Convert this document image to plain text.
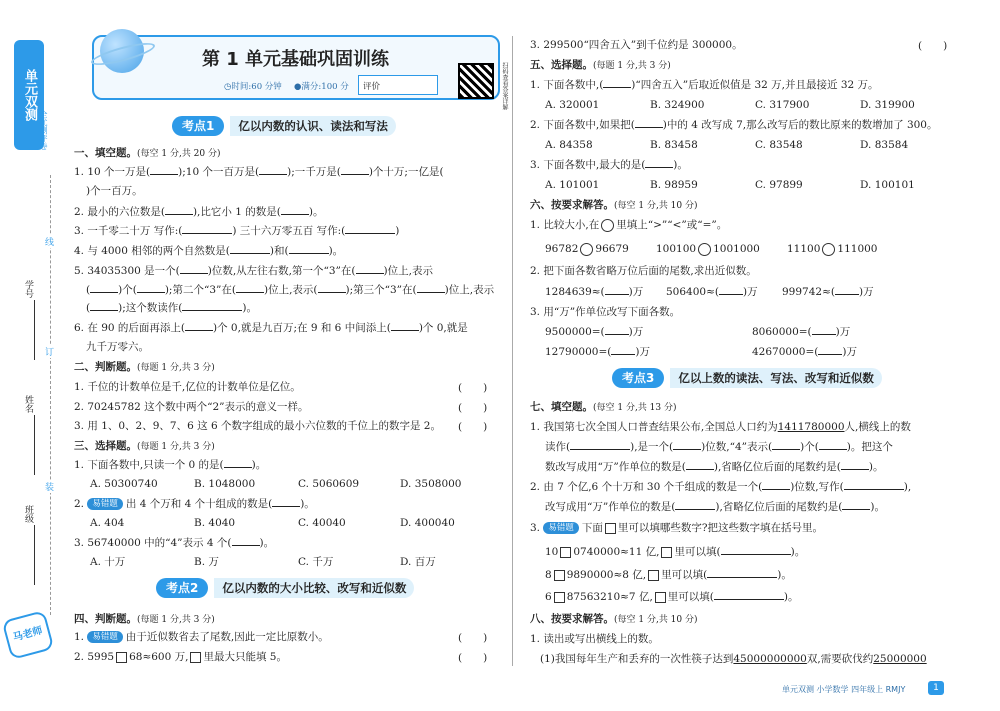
单元双测
全优测评卷
线
订
装
学号
姓名
班级
马老师
第 1 单元基础巩固训练
◷时间:60 分钟 ●满分:100 分	评价	扫码查看答案详解
考点1	亿以内数的认识、读法和写法
一、填空题。(每空 1 分,共 20 分)
1. 10 个一万是(	);10 个一百万是(	);一千万是(	)个十万;一亿是(
)个一百万。
2. 最小的六位数是(	),比它小 1 的数是(	)。
3. 一千零二十万 写作:(	) 三十六万零五百 写作:(	)
4. 与 4000 相邻的两个自然数是(	)和(	)。
5. 34035300 是一个(	)位数,从左往右数,第一个“3”在(	)位上,表示
(	)个(	);第二个“3”在(	)位上,表示(	);第三个“3”在(	)位上,表示
(	);这个数读作(	)。
6. 在 90 的后面再添上(	)个 0,就是九百万;在 9 和 6 中间添上(	)个 0,就是
九千万零六。
二、判断题。(每题 1 分,共 3 分)
1. 千位的计数单位是千,亿位的计数单位是亿位。	(　　)
2. 70245782 这个数中两个“2”表示的意义一样。	(　　)
3. 用 1、0、2、9、7、6 这 6 个数字组成的最小六位数的千位上的数字是 2。 (　　)
三、选择题。(每题 1 分,共 3 分)
1. 下面各数中,只读一个 0 的是(	)。
A. 50300740	B. 1048000	C. 5060609	D. 3508000
2. 易错题 出 4 个万和 4 个十组成的数是(	)。
A. 404	B. 4040	C. 40040	D. 400040
3. 56740000 中的“4”表示 4 个(	)。
A. 十万	B. 万	C. 千万	D. 百万
考点2	亿以内数的大小比较、改写和近似数
四、判断题。(每题 1 分,共 3 分)
1. 易错题 由于近似数省去了尾数,因此一定比原数小。	(　　)
2. 5995 68≈600 万, 里最大只能填 5。	(　　)
3. 299500“四舍五入”到千位约是 300000。	(　　)
五、选择题。(每题 1 分,共 3 分)
1. 下面各数中,(	)“四舍五入”后取近似值是 32 万,并且最接近 32 万。
A. 320001	B. 324900	C. 317900	D. 319900
2. 下面各数中,如果把(	)中的 4 改写成 7,那么改写后的数比原来的数增加了 300。
A. 84358	B. 83458	C. 83548	D. 83584
3. 下面各数中,最大的是(	)。
A. 101001	B. 98959	C. 97899	D. 100101
六、按要求解答。(每空 1 分,共 10 分)
1. 比较大小,在 里填上“>”“<”或“=”。
96782 96679	100100 1001000	11100 111000
2. 把下面各数省略万位后面的尾数,求出近似数。
1284639≈( )万 506400≈( )万 999742≈( )万
3. 用“万”作单位改写下面各数。
9500000=( )万	8060000=( )万
12790000=( )万	42670000=( )万
考点3	亿以上数的读法、写法、改写和近似数
七、填空题。(每空 1 分,共 13 分)
1. 我国第七次全国人口普查结果公布,全国总人口约为1411780000人,横线上的数
读作(	),是一个(	)位数,“4”表示(	)个(	)。把这个
数改写成用“万”作单位的数是(	),省略亿位后面的尾数约是(	)。
2. 由 7 个亿,6 个十万和 30 个千组成的数是一个(	)位数,写作(	),
改写成用“万”作单位的数是(	),省略亿位后面的尾数约是(	)。
3. 易错题 下面 里可以填哪些数字?把这些数字填在括号里。
10 0740000≈11 亿, 里可以填(	)。
8 9890000≈8 亿, 里可以填(	)。
6 87563210≈7 亿, 里可以填(	)。
八、按要求解答。(每空 1 分,共 10 分)
1. 读出或写出横线上的数。
(1)我国每年生产和丢弃的一次性筷子达到45000000000双,需要砍伐约25000000
单元双测 小学数学 四年级上 RMJY	1
